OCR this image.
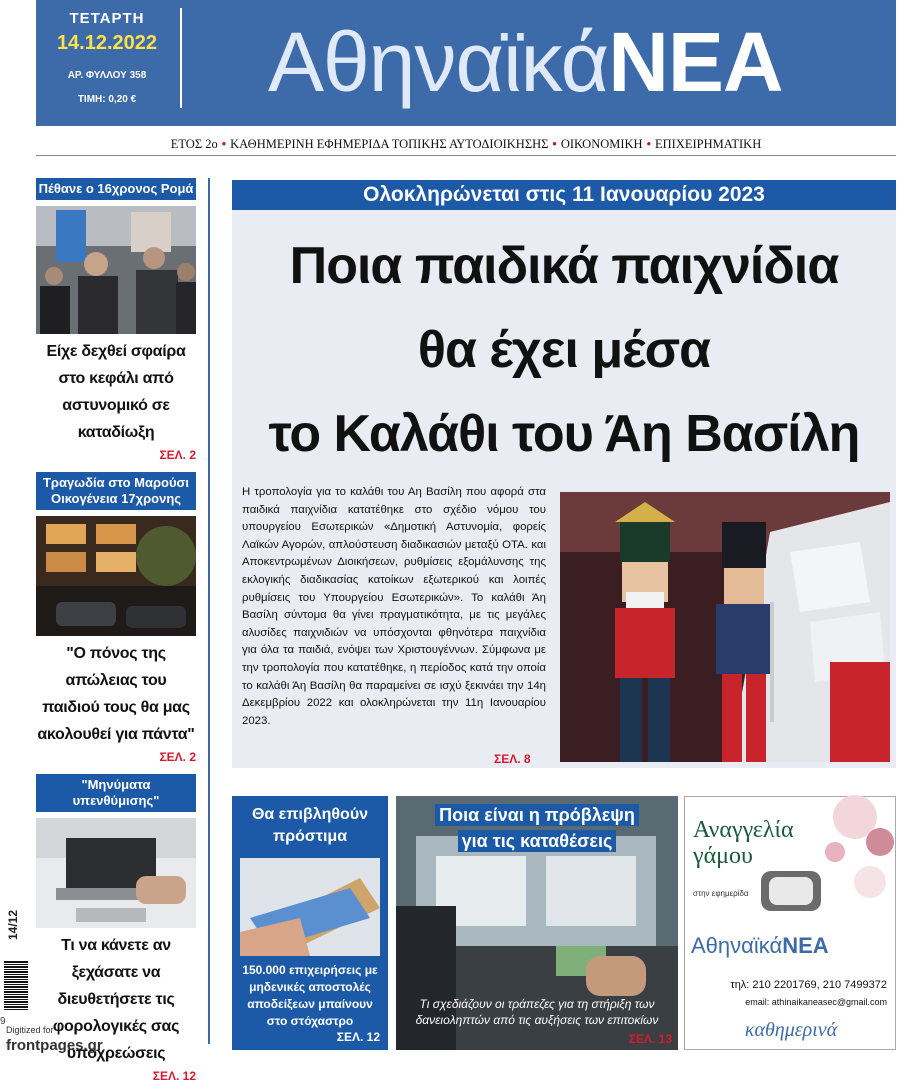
ΤΕΤΑΡΤΗ
14.12.2022
ΑΡ. ΦΥΛΛΟΥ 358
ΤΙΜΗ: 0,20 €	ΑθηναϊκάΝΕΑ
ΕΤΟΣ 2ο • ΚΑΘΗΜΕΡΙΝΗ ΕΦΗΜΕΡΙΔΑ ΤΟΠΙΚΗΣ ΑΥΤΟΔΙΟΙΚΗΣΗΣ • ΟΙΚΟΝΟΜΙΚΗ • ΕΠΙΧΕΙΡΗΜΑΤΙΚΗ
Πέθανε ο 16χρονος Ρομά
Είχε δεχθεί σφαίρα στο κεφάλι από αστυνομικό σε καταδίωξη
ΣΕΛ. 2
Τραγωδία στο Μαρούσι Οικογένεια 17χρονης
"Ο πόνος της απώλειας του παιδιού τους θα μας ακολουθεί για πάντα"
ΣΕΛ. 2
"Μηνύματα υπενθύμισης"
Τι να κάνετε αν ξεχάσατε να διευθετήσετε τις φορολογικές σας υποχρεώσεις
ΣΕΛ. 12
14/12
9
Digitized for
frontpages.gr
Ολοκληρώνεται στις 11 Ιανουαρίου 2023
Ποια παιδικά παιχνίδια
θα έχει μέσα
το Καλάθι του Άη Βασίλη
Η τροπολογία για το καλάθι του Αη Βασίλη που αφορά στα παιδικά παιχνίδια κατατέθηκε στο σχέδιο νόμου του υπουργείου Εσωτερικών «Δημοτική Αστυνομία, φορείς Λαϊκών Αγορών, απλούστευση διαδικασιών μεταξύ ΟΤΑ. και Αποκεντρωμένων Διοικήσεων, ρυθμίσεις εξομάλυνσης της εκλογικής διαδικασίας κατοίκων εξωτερικού και λοιπές ρυθμίσεις του Υπουργείου Εσωτερικών». Το καλάθι Άη Βασίλη σύντομα θα γίνει πραγματικότητα, με τις μεγάλες αλυσίδες παιχνιδιών να υπόσχονται φθηνότερα παιχνίδια για όλα τα παιδιά, ενόψει των Χριστουγέννων. Σύμφωνα με την τροπολογία που κατατέθηκε, η περίοδος κατά την οποία το καλάθι Άη Βασίλη θα παραμείνει σε ισχύ ξεκινάει την 14η Δεκεμβρίου 2022 και ολοκληρώνεται την 11η Ιανουαρίου 2023.
ΣΕΛ. 8
Θα επιβληθούν πρόστιμα
150.000 επιχειρήσεις με μηδενικές αποστολές αποδείξεων μπαίνουν στο στόχαστρο
ΣΕΛ. 12
Ποια είναι η πρόβλεψη
για τις καταθέσεις
Τι σχεδιάζουν οι τράπεζες για τη στήριξη των δανειοληπτών από τις αυξήσεις των επιτοκίων
ΣΕΛ. 13
Αναγγελία
γάμου
στην εφημερίδα
ΑθηναϊκάΝΕΑ
τηλ: 210 2201769, 210 7499372
email: athinaikaneasec@gmail.com
καθημερινά
